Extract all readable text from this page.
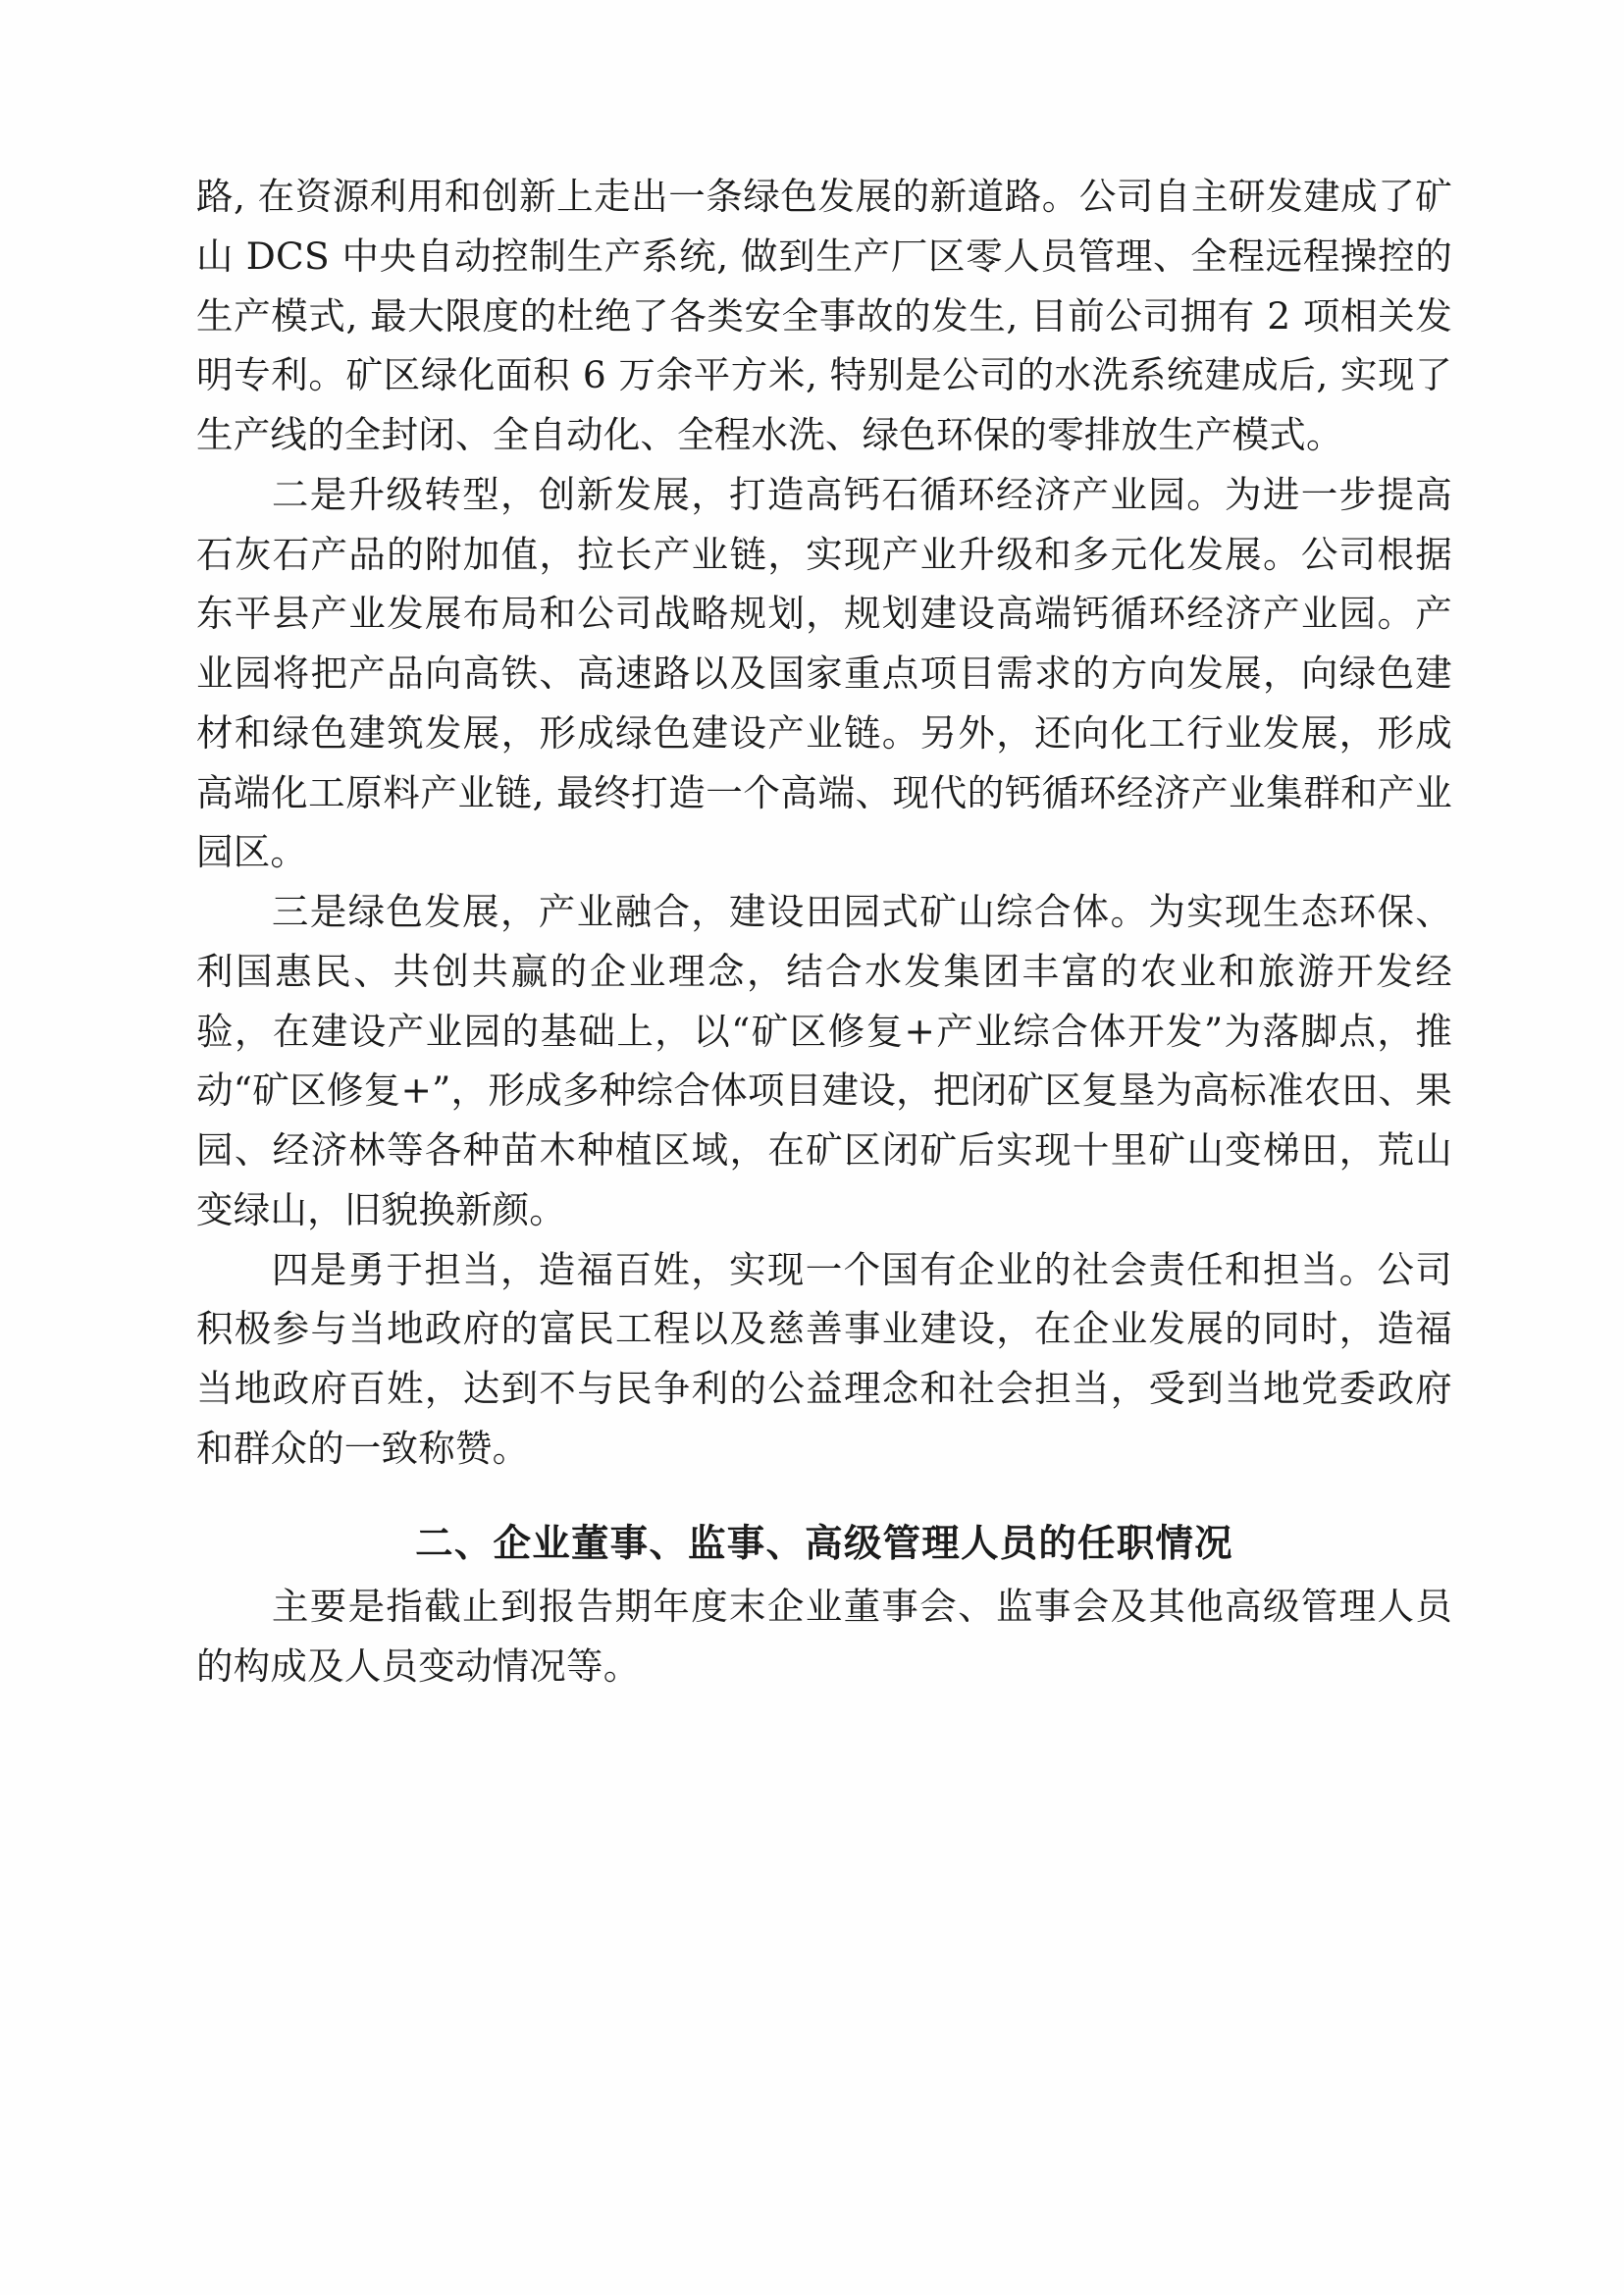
路, 在资源利用和创新上走出一条绿色发展的新道路。公司自主研发建成了矿山 DCS 中央自动控制生产系统, 做到生产厂区零人员管理、全程远程操控的生产模式, 最大限度的杜绝了各类安全事故的发生, 目前公司拥有 2 项相关发明专利。矿区绿化面积 6 万余平方米, 特别是公司的水洗系统建成后, 实现了生产线的全封闭、全自动化、全程水洗、绿色环保的零排放生产模式。

二是升级转型，创新发展，打造高钙石循环经济产业园。为进一步提高石灰石产品的附加值，拉长产业链，实现产业升级和多元化发展。公司根据东平县产业发展布局和公司战略规划，规划建设高端钙循环经济产业园。产业园将把产品向高铁、高速路以及国家重点项目需求的方向发展，向绿色建材和绿色建筑发展，形成绿色建设产业链。另外，还向化工行业发展，形成高端化工原料产业链, 最终打造一个高端、现代的钙循环经济产业集群和产业园区。

三是绿色发展，产业融合，建设田园式矿山综合体。为实现生态环保、利国惠民、共创共赢的企业理念，结合水发集团丰富的农业和旅游开发经验，在建设产业园的基础上，以“矿区修复+产业综合体开发”为落脚点，推动“矿区修复+”，形成多种综合体项目建设，把闭矿区复垦为高标准农田、果园、经济林等各种苗木种植区域，在矿区闭矿后实现十里矿山变梯田，荒山变绿山，旧貌换新颜。

四是勇于担当，造福百姓，实现一个国有企业的社会责任和担当。公司积极参与当地政府的富民工程以及慈善事业建设，在企业发展的同时，造福当地政府百姓，达到不与民争利的公益理念和社会担当，受到当地党委政府和群众的一致称赞。

二、企业董事、监事、高级管理人员的任职情况

主要是指截止到报告期年度末企业董事会、监事会及其他高级管理人员的构成及人员变动情况等。
